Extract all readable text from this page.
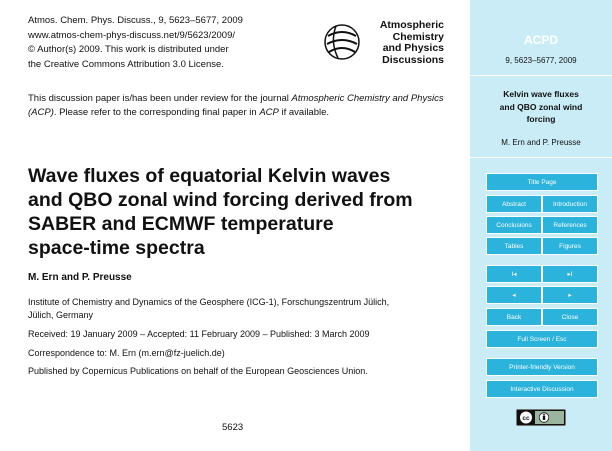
Atmos. Chem. Phys. Discuss., 9, 5623–5677, 2009
www.atmos-chem-phys-discuss.net/9/5623/2009/
© Author(s) 2009. This work is distributed under
the Creative Commons Attribution 3.0 License.
Atmospheric
Chemistry
and Physics
Discussions
This discussion paper is/has been under review for the journal Atmospheric Chemistry and Physics (ACP). Please refer to the corresponding final paper in ACP if available.
Wave fluxes of equatorial Kelvin waves
and QBO zonal wind forcing derived from
SABER and ECMWF temperature
space-time spectra
M. Ern and P. Preusse
Institute of Chemistry and Dynamics of the Geosphere (ICG-1), Forschungszentrum Jülich,
Jülich, Germany
Received: 19 January 2009 – Accepted: 11 February 2009 – Published: 3 March 2009
Correspondence to: M. Ern (m.ern@fz-juelich.de)
Published by Copernicus Publications on behalf of the European Geosciences Union.
5623
ACPD
9, 5623–5677, 2009
Kelvin wave fluxes
and QBO zonal wind
forcing
M. Ern and P. Preusse
Title Page
Abstract	Introduction
Conclusions	References
Tables	Figures
I◂	▸I
◂	▸
Back	Close
Full Screen / Esc
Printer-friendly Version
Interactive Discussion
cc
